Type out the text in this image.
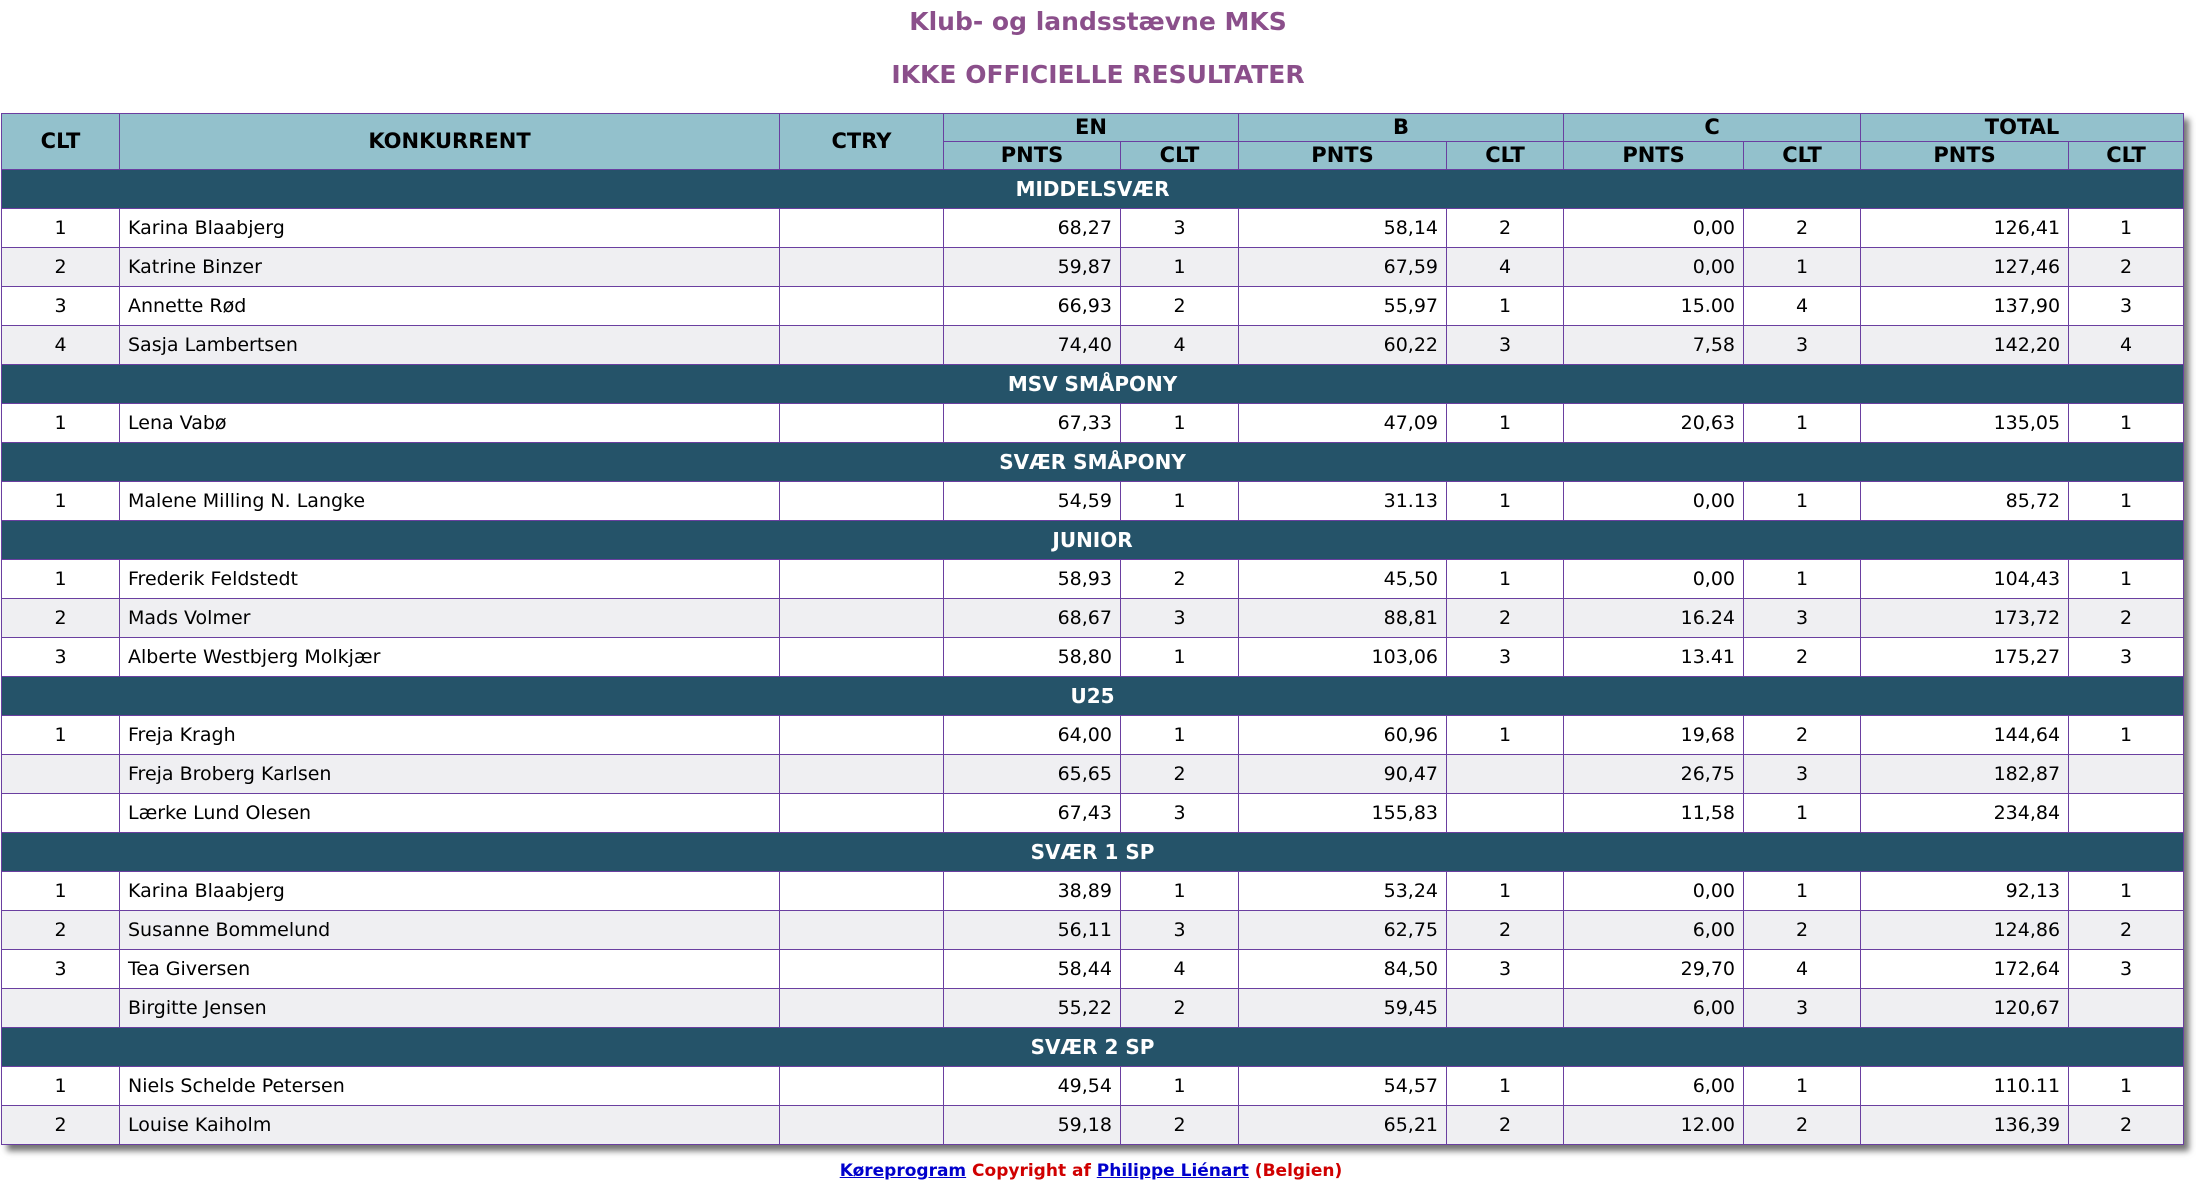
Klub- og landsstævne MKS
IKKE OFFICIELLE RESULTATER
CLT	KONKURRENT	CTRY	EN		B		C		TOTAL	
			PNTS	CLT	PNTS	CLT	PNTS	CLT	PNTS	CLT
MIDDELSVÆR										
1	Karina Blaabjerg		68,27	3	58,14	2	0,00	2	126,41	1
2	Katrine Binzer		59,87	1	67,59	4	0,00	1	127,46	2
3	Annette Rød		66,93	2	55,97	1	15.00	4	137,90	3
4	Sasja Lambertsen		74,40	4	60,22	3	7,58	3	142,20	4
MSV SMÅPONY										
1	Lena Vabø		67,33	1	47,09	1	20,63	1	135,05	1
SVÆR SMÅPONY										
1	Malene Milling N. Langke		54,59	1	31.13	1	0,00	1	85,72	1
JUNIOR										
1	Frederik Feldstedt		58,93	2	45,50	1	0,00	1	104,43	1
2	Mads Volmer		68,67	3	88,81	2	16.24	3	173,72	2
3	Alberte Westbjerg Molkjær		58,80	1	103,06	3	13.41	2	175,27	3
U25										
1	Freja Kragh		64,00	1	60,96	1	19,68	2	144,64	1
	Freja Broberg Karlsen		65,65	2	90,47		26,75	3	182,87	
	Lærke Lund Olesen		67,43	3	155,83		11,58	1	234,84	
SVÆR 1 SP										
1	Karina Blaabjerg		38,89	1	53,24	1	0,00	1	92,13	1
2	Susanne Bommelund		56,11	3	62,75	2	6,00	2	124,86	2
3	Tea Giversen		58,44	4	84,50	3	29,70	4	172,64	3
	Birgitte Jensen		55,22	2	59,45		6,00	3	120,67	
SVÆR 2 SP										
1	Niels Schelde Petersen		49,54	1	54,57	1	6,00	1	110.11	1
2	Louise Kaiholm		59,18	2	65,21	2	12.00	2	136,39	2
Køreprogram Copyright af Philippe Liénart (Belgien)
